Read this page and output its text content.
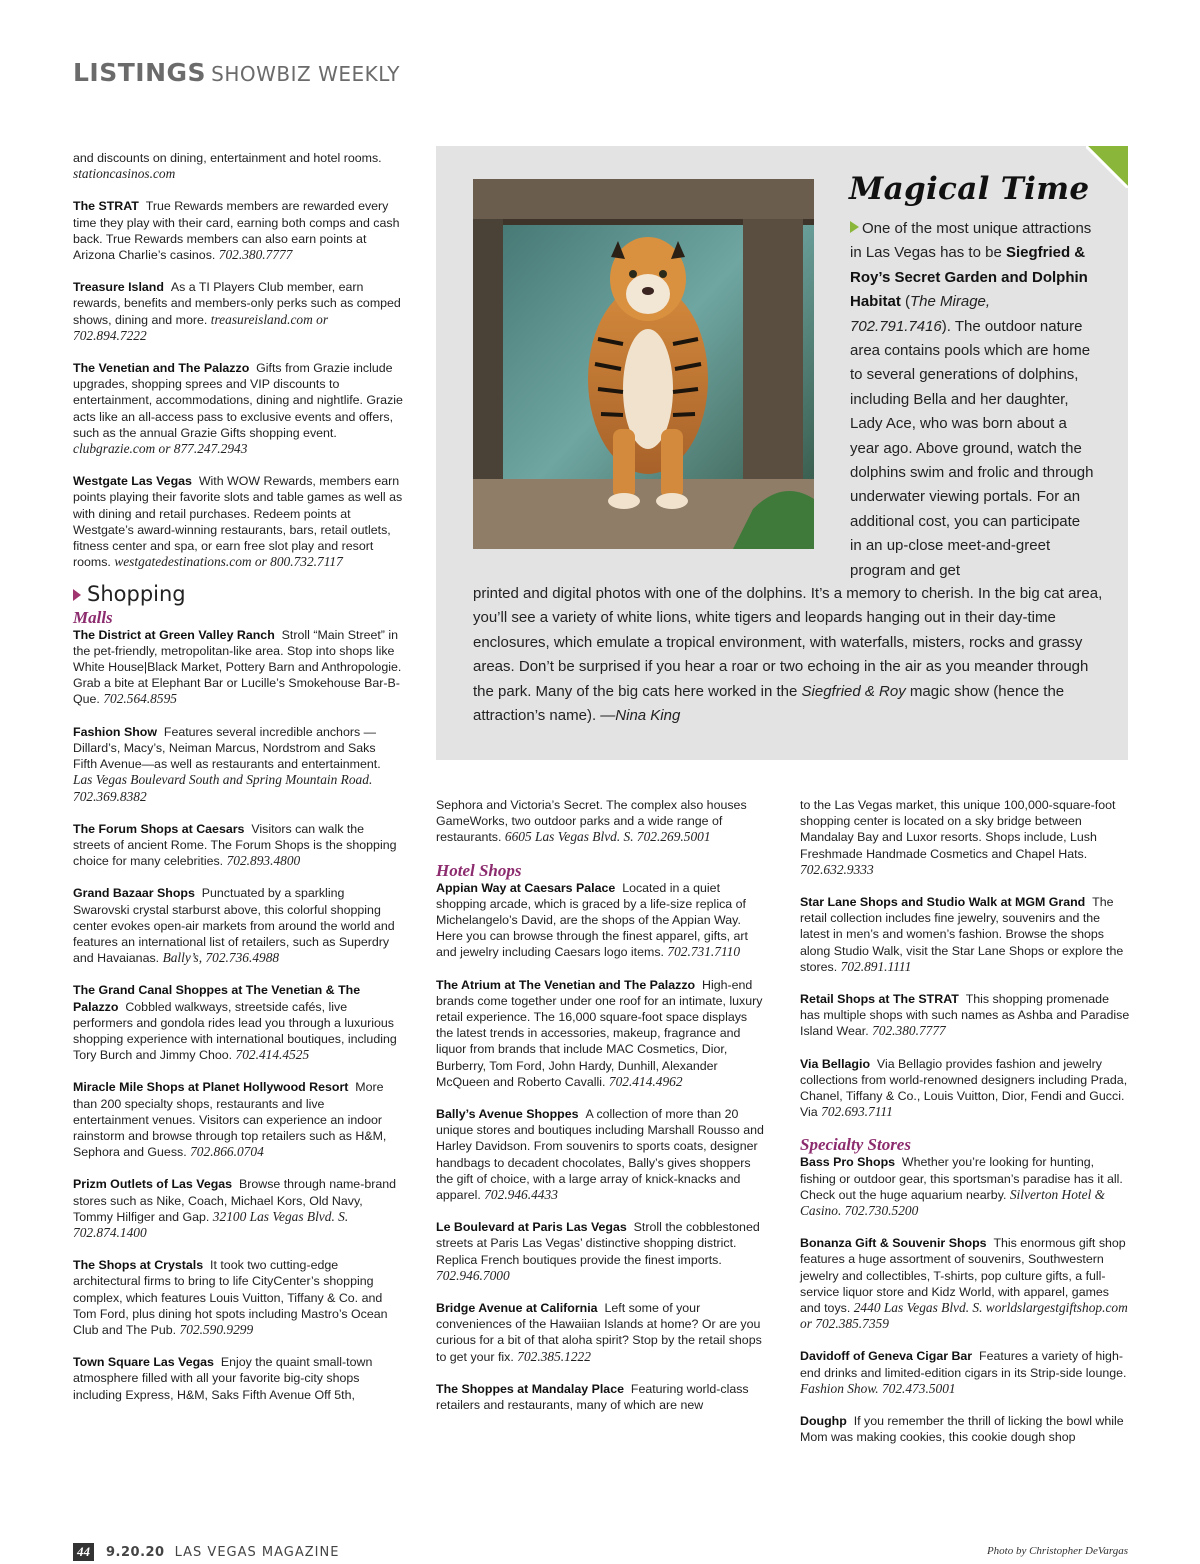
LISTINGS SHOWBIZ WEEKLY
Magical Time
One of the most unique attractions in Las Vegas has to be Siegfried & Roy’s Secret Garden and Dolphin Habitat (The Mirage, 702.791.7416). The outdoor nature area contains pools which are home to several generations of dolphins, including Bella and her daughter, Lady Ace, who was born about a year ago. Above ground, watch the dolphins swim and frolic and through underwater viewing portals. For an additional cost, you can participate in an up-close meet-and-greet program and get
printed and digital photos with one of the dolphins. It’s a memory to cherish. In the big cat area, you’ll see a variety of white lions, white tigers and leopards hanging out in their day-time enclosures, which emulate a tropical environment, with waterfalls, misters, rocks and grassy areas. Don’t be surprised if you hear a roar or two echoing in the air as you meander through the park. Many of the big cats here worked in the Siegfried & Roy magic show (hence the attraction’s name). —Nina King
and discounts on dining, entertainment and hotel rooms. stationcasinos.com
The STRAT True Rewards members are rewarded every time they play with their card, earning both comps and cash back. True Rewards members can also earn points at Arizona Charlie’s casinos. 702.380.7777
Treasure Island As a TI Players Club member, earn rewards, benefits and members-only perks such as comped shows, dining and more. treasureisland.com or 702.894.7222
The Venetian and The Palazzo Gifts from Grazie include upgrades, shopping sprees and VIP discounts to entertainment, accommodations, dining and nightlife. Grazie acts like an all-access pass to exclusive events and offers, such as the annual Grazie Gifts shopping event. clubgrazie.com or 877.247.2943
Westgate Las Vegas With WOW Rewards, members earn points playing their favorite slots and table games as well as with dining and retail purchases. Redeem points at Westgate’s award-winning restaurants, bars, retail outlets, fitness center and spa, or earn free slot play and resort rooms. westgatedestinations.com or 800.732.7117
Shopping
Malls
The District at Green Valley Ranch Stroll “Main Street” in the pet-friendly, metropolitan-like area. Stop into shops like White House|Black Market, Pottery Barn and Anthropologie. Grab a bite at Elephant Bar or Lucille’s Smokehouse Bar-B-Que. 702.564.8595
Fashion Show Features several incredible anchors —Dillard’s, Macy’s, Neiman Marcus, Nordstrom and Saks Fifth Avenue—as well as restaurants and entertainment. Las Vegas Boulevard South and Spring Mountain Road. 702.369.8382
The Forum Shops at Caesars Visitors can walk the streets of ancient Rome. The Forum Shops is the shopping choice for many celebrities. 702.893.4800
Grand Bazaar Shops Punctuated by a sparkling Swarovski crystal starburst above, this colorful shopping center evokes open-air markets from around the world and features an international list of retailers, such as Superdry and Havaianas. Bally’s, 702.736.4988
The Grand Canal Shoppes at The Venetian & The Palazzo Cobbled walkways, streetside cafés, live performers and gondola rides lead you through a luxurious shopping experience with international boutiques, including Tory Burch and Jimmy Choo. 702.414.4525
Miracle Mile Shops at Planet Hollywood Resort More than 200 specialty shops, restaurants and live entertainment venues. Visitors can experience an indoor rainstorm and browse through top retailers such as H&M, Sephora and Guess. 702.866.0704
Prizm Outlets of Las Vegas Browse through name-brand stores such as Nike, Coach, Michael Kors, Old Navy, Tommy Hilfiger and Gap. 32100 Las Vegas Blvd. S. 702.874.1400
The Shops at Crystals It took two cutting-edge architectural firms to bring to life CityCenter’s shopping complex, which features Louis Vuitton, Tiffany & Co. and Tom Ford, plus dining hot spots including Mastro’s Ocean Club and The Pub. 702.590.9299
Town Square Las Vegas Enjoy the quaint small-town atmosphere filled with all your favorite big-city shops including Express, H&M, Saks Fifth Avenue Off 5th,
Sephora and Victoria’s Secret. The complex also houses GameWorks, two outdoor parks and a wide range of restaurants. 6605 Las Vegas Blvd. S. 702.269.5001
Hotel Shops
Appian Way at Caesars Palace Located in a quiet shopping arcade, which is graced by a life-size replica of Michelangelo’s David, are the shops of the Appian Way. Here you can browse through the finest apparel, gifts, art and jewelry including Caesars logo items. 702.731.7110
The Atrium at The Venetian and The Palazzo High-end brands come together under one roof for an intimate, luxury retail experience. The 16,000 square-foot space displays the latest trends in accessories, makeup, fragrance and liquor from brands that include MAC Cosmetics, Dior, Burberry, Tom Ford, John Hardy, Dunhill, Alexander McQueen and Roberto Cavalli. 702.414.4962
Bally’s Avenue Shoppes A collection of more than 20 unique stores and boutiques including Marshall Rousso and Harley Davidson. From souvenirs to sports coats, designer handbags to decadent chocolates, Bally’s gives shoppers the gift of choice, with a large array of knick-knacks and apparel. 702.946.4433
Le Boulevard at Paris Las Vegas Stroll the cobblestoned streets at Paris Las Vegas’ distinctive shopping district. Replica French boutiques provide the finest imports. 702.946.7000
Bridge Avenue at California Left some of your conveniences of the Hawaiian Islands at home? Or are you curious for a bit of that aloha spirit? Stop by the retail shops to get your fix. 702.385.1222
The Shoppes at Mandalay Place Featuring world-class retailers and restaurants, many of which are new
to the Las Vegas market, this unique 100,000-square-foot shopping center is located on a sky bridge between Mandalay Bay and Luxor resorts. Shops include, Lush Freshmade Handmade Cosmetics and Chapel Hats. 702.632.9333
Star Lane Shops and Studio Walk at MGM Grand The retail collection includes fine jewelry, souvenirs and the latest in men’s and women’s fashion. Browse the shops along Studio Walk, visit the Star Lane Shops or explore the stores. 702.891.1111
Retail Shops at The STRAT This shopping promenade has multiple shops with such names as Ashba and Paradise Island Wear. 702.380.7777
Via Bellagio Via Bellagio provides fashion and jewelry collections from world-renowned designers including Prada, Chanel, Tiffany & Co., Louis Vuitton, Dior, Fendi and Gucci. Via 702.693.7111
Specialty Stores
Bass Pro Shops Whether you’re looking for hunting, fishing or outdoor gear, this sportsman’s paradise has it all. Check out the huge aquarium nearby. Silverton Hotel & Casino. 702.730.5200
Bonanza Gift & Souvenir Shops This enormous gift shop features a huge assortment of souvenirs, Southwestern jewelry and collectibles, T-shirts, pop culture gifts, a full-service liquor store and Kidz World, with apparel, games and toys. 2440 Las Vegas Blvd. S. worldslargestgiftshop.com or 702.385.7359
Davidoff of Geneva Cigar Bar Features a variety of high-end drinks and limited-edition cigars in its Strip-side lounge. Fashion Show. 702.473.5001
Doughp If you remember the thrill of licking the bowl while Mom was making cookies, this cookie dough shop
44	9.20.20 LAS VEGAS MAGAZINE	Photo by Christopher DeVargas
